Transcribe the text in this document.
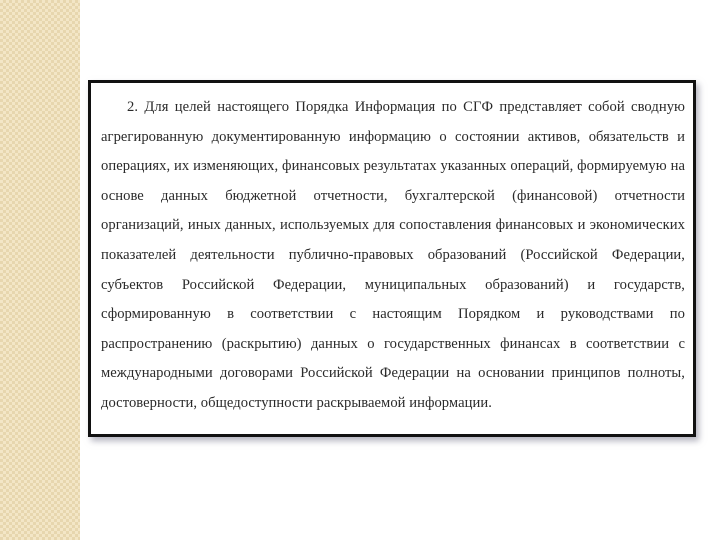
2. Для целей настоящего Порядка Информация по СГФ представляет собой сводную агрегированную документированную информацию о состоянии активов, обязательств и операциях, их изменяющих, финансовых результатах указанных операций, формируемую на основе данных бюджетной отчетности, бухгалтерской (финансовой) отчетности организаций, иных данных, используемых для сопоставления финансовых и экономических показателей деятельности публично-правовых образований (Российской Федерации, субъектов Российской Федерации, муниципальных образований) и государств, сформированную в соответствии с настоящим Порядком и руководствами по распространению (раскрытию) данных о государственных финансах в соответствии с международными договорами Российской Федерации на основании принципов полноты, достоверности, общедоступности раскрываемой информации.
